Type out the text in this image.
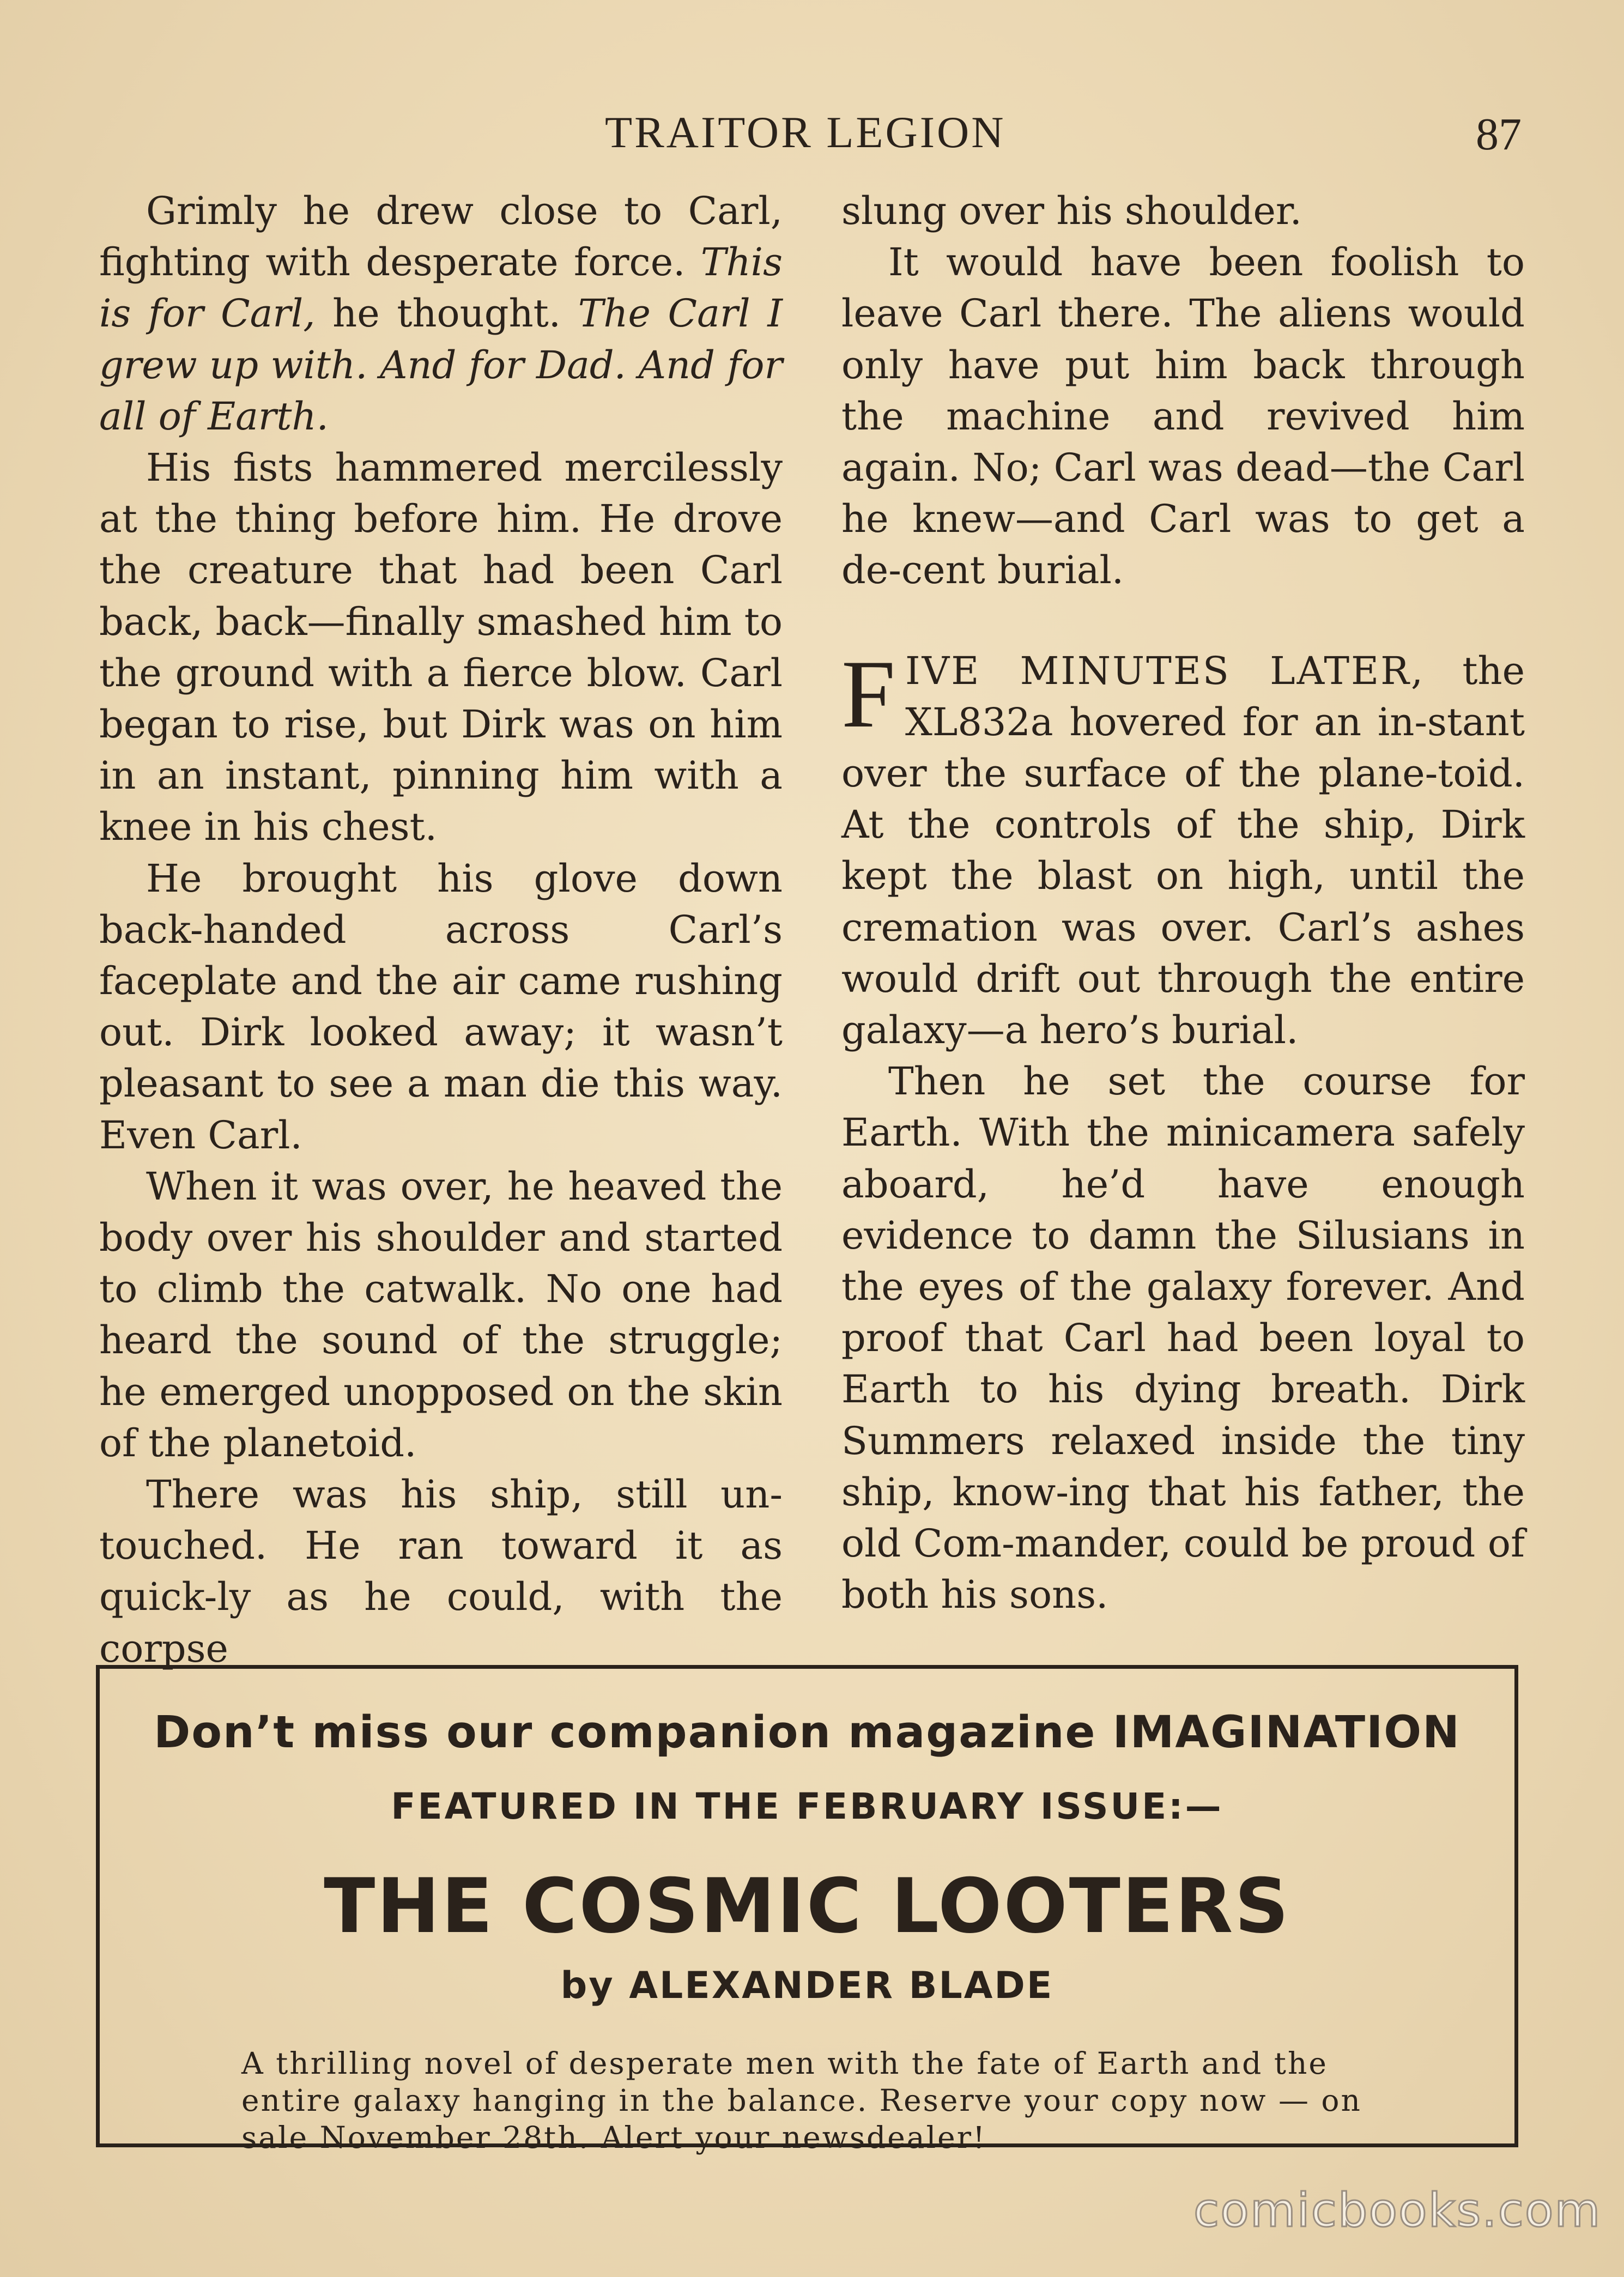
TRAITOR LEGION	87

Grimly he drew close to Carl, fighting with desperate force. This is for Carl, he thought. The Carl I grew up with. And for Dad. And for all of Earth.

His fists hammered mercilessly at the thing before him. He drove the creature that had been Carl back, back—finally smashed him to the ground with a fierce blow. Carl began to rise, but Dirk was on him in an instant, pinning him with a knee in his chest.

He brought his glove down back-handed across Carl’s faceplate and the air came rushing out. Dirk looked away; it wasn’t pleasant to see a man die this way. Even Carl.

When it was over, he heaved the body over his shoulder and started to climb the catwalk. No one had heard the sound of the struggle; he emerged unopposed on the skin of the planetoid.

There was his ship, still un-touched. He ran toward it as quick-ly as he could, with the corpse

slung over his shoulder.

It would have been foolish to leave Carl there. The aliens would only have put him back through the machine and revived him again. No; Carl was dead—the Carl he knew—and Carl was to get a de-cent burial.

FIVE MINUTES LATER, the XL832a hovered for an in-stant over the surface of the plane-toid. At the controls of the ship, Dirk kept the blast on high, until the cremation was over. Carl’s ashes would drift out through the entire galaxy—a hero’s burial.

Then he set the course for Earth. With the minicamera safely aboard, he’d have enough evidence to damn the Silusians in the eyes of the galaxy forever. And proof that Carl had been loyal to Earth to his dying breath. Dirk Summers relaxed inside the tiny ship, know-ing that his father, the old Com-mander, could be proud of both his sons.

Don’t miss our companion magazine IMAGINATION
FEATURED IN THE FEBRUARY ISSUE:—
THE COSMIC LOOTERS
by ALEXANDER BLADE
A thrilling novel of desperate men with the fate of Earth and the entire galaxy hanging in the balance. Reserve your copy now — on sale November 28th. Alert your newsdealer!
comicbooks.com
